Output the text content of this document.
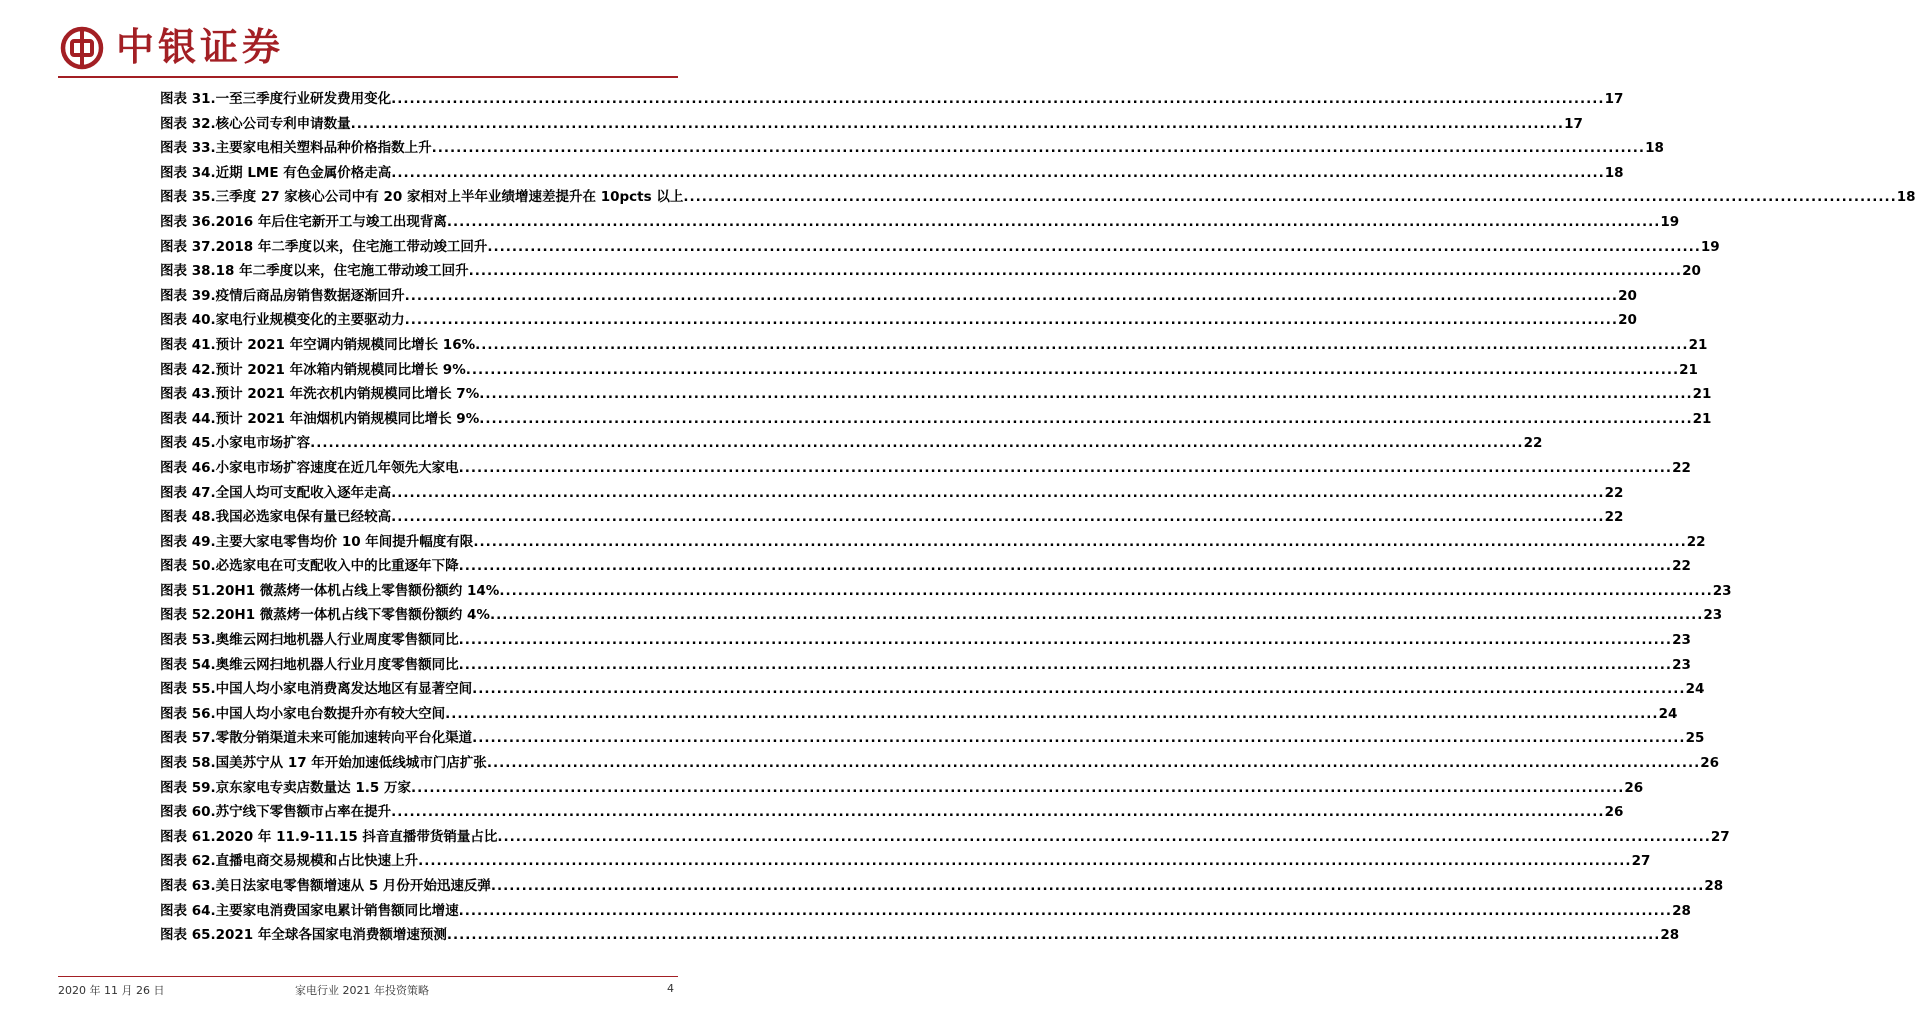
中银证券
图表 31. 一至三季度行业研发费用变化 .....	17
图表 32. 核心公司专利申请数量 .....	17
图表 33. 主要家电相关塑料品种价格指数上升 .....	18
图表 34. 近期 LME 有色金属价格走高 .....	18
图表 35. 三季度 27 家核心公司中有 20 家相对上半年业绩增速差提升在 10pcts 以上 .....	18
图表 36. 2016 年后住宅新开工与竣工出现背离 .....	19
图表 37. 2018 年二季度以来，住宅施工带动竣工回升 .....	19
图表 38. 18 年二季度以来，住宅施工带动竣工回升 .....	20
图表 39. 疫情后商品房销售数据逐渐回升 .....	20
图表 40. 家电行业规模变化的主要驱动力 .....	20
图表 41. 预计 2021 年空调内销规模同比增长 16% .....	21
图表 42. 预计 2021 年冰箱内销规模同比增长 9% .....	21
图表 43. 预计 2021 年洗衣机内销规模同比增长 7% .....	21
图表 44. 预计 2021 年油烟机内销规模同比增长 9% .....	21
图表 45. 小家电市场扩容 .....	22
图表 46. 小家电市场扩容速度在近几年领先大家电 .....	22
图表 47. 全国人均可支配收入逐年走高 .....	22
图表 48. 我国必选家电保有量已经较高 .....	22
图表 49. 主要大家电零售均价 10 年间提升幅度有限 .....	22
图表 50. 必选家电在可支配收入中的比重逐年下降 .....	22
图表 51. 20H1 微蒸烤一体机占线上零售额份额约 14% .....	23
图表 52. 20H1 微蒸烤一体机占线下零售额份额约 4% .....	23
图表 53. 奥维云网扫地机器人行业周度零售额同比 .....	23
图表 54. 奥维云网扫地机器人行业月度零售额同比 .....	23
图表 55. 中国人均小家电消费离发达地区有显著空间 .....	24
图表 56. 中国人均小家电台数提升亦有较大空间 .....	24
图表 57. 零散分销渠道未来可能加速转向平台化渠道 .....	25
图表 58. 国美苏宁从 17 年开始加速低线城市门店扩张 .....	26
图表 59. 京东家电专卖店数量达 1.5 万家 .....	26
图表 60. 苏宁线下零售额市占率在提升 .....	26
图表 61. 2020 年 11.9-11.15 抖音直播带货销量占比 .....	27
图表 62. 直播电商交易规模和占比快速上升 .....	27
图表 63. 美日法家电零售额增速从 5 月份开始迅速反弹 .....	28
图表 64. 主要家电消费国家电累计销售额同比增速 .....	28
图表 65. 2021 年全球各国家电消费额增速预测 .....	28
2020 年 11 月 26 日	家电行业 2021 年投资策略	4
